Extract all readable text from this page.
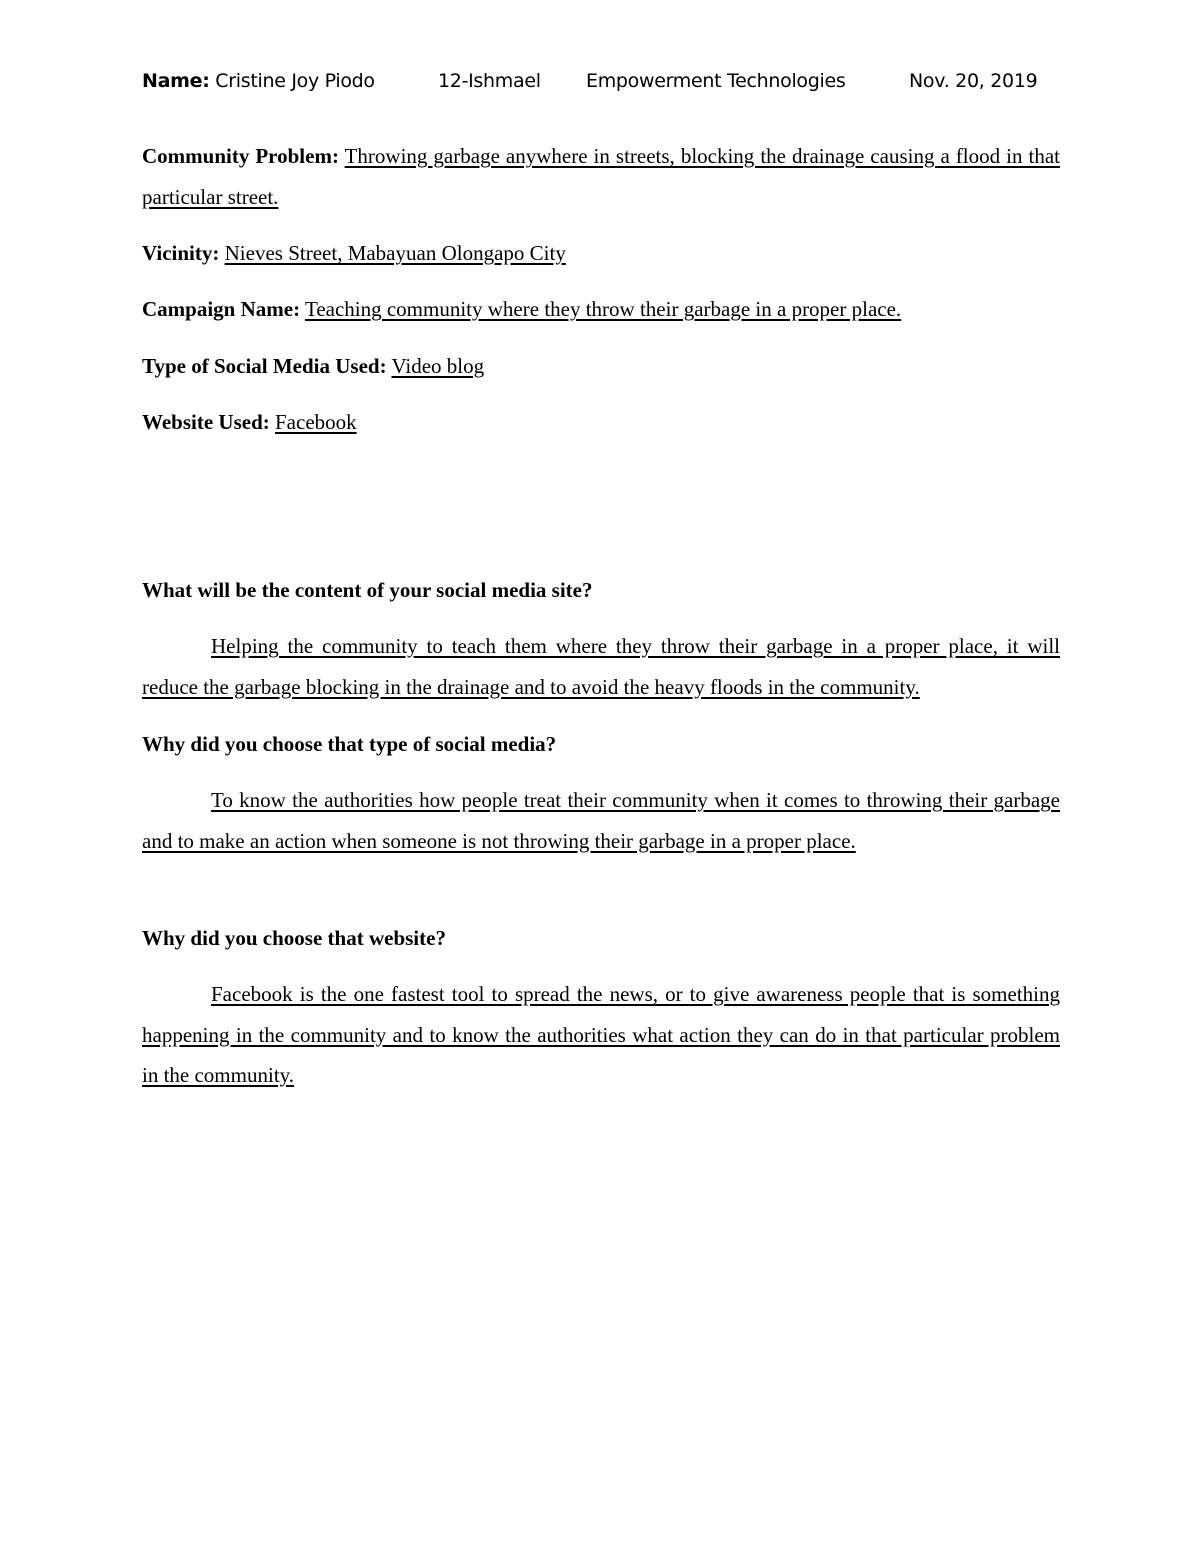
Name: Cristine Joy Piodo	12-Ishmael Empowerment Technologies	Nov. 20, 2019
Community Problem: Throwing garbage anywhere in streets, blocking the drainage causing a flood in that particular street.
Vicinity: Nieves Street, Mabayuan Olongapo City
Campaign Name: Teaching community where they throw their garbage in a proper place.
Type of Social Media Used: Video blog
Website Used: Facebook
What will be the content of your social media site?
Helping the community to teach them where they throw their garbage in a proper place, it will reduce the garbage blocking in the drainage and to avoid the heavy floods in the community.
Why did you choose that type of social media?
To know the authorities how people treat their community when it comes to throwing their garbage and to make an action when someone is not throwing their garbage in a proper place.
Why did you choose that website?
Facebook is the one fastest tool to spread the news, or to give awareness people that is something happening in the community and to know the authorities what action they can do in that particular problem in the community.
